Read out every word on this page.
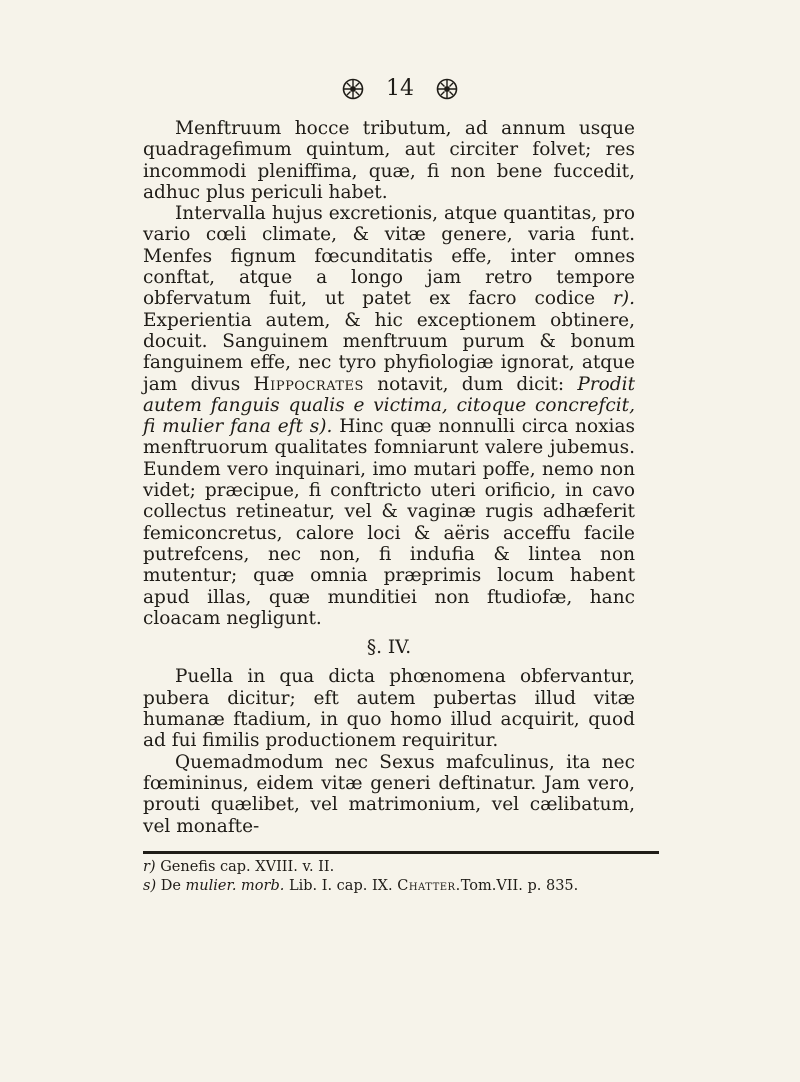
14

Menftruum hocce tributum, ad annum usque quadragefimum quintum, aut circiter folvet; res incommodi pleniffima, quæ, fi non bene fuccedit, adhuc plus periculi habet.

Intervalla hujus excretionis, atque quantitas, pro vario cœli climate, & vitæ genere, varia funt. Menfes fignum fœcunditatis effe, inter omnes conftat, atque a longo jam retro tempore obfervatum fuit, ut patet ex facro codice r). Experientia autem, & hic exceptionem obtinere, docuit. Sanguinem menftruum purum & bonum fanguinem effe, nec tyro phyfiologiæ ignorat, atque jam divus Hippocrates notavit, dum dicit: Prodit autem fanguis qualis e victima, citoque concrefcit, fi mulier fana eft s). Hinc quæ nonnulli circa noxias menftruorum qualitates fomniarunt valere jubemus. Eundem vero inquinari, imo mutari poffe, nemo non videt; præcipue, fi conftricto uteri orificio, in cavo collectus retineatur, vel & vaginæ rugis adhæferit femiconcretus, calore loci & aëris acceffu facile putrefcens, nec non, fi indufia & lintea non mutentur; quæ omnia præprimis locum habent apud illas, quæ munditiei non ftudiofæ, hanc cloacam negligunt.

§. IV.

Puella in qua dicta phœnomena obfervantur, pubera dicitur; eft autem pubertas illud vitæ humanæ ftadium, in quo homo illud acquirit, quod ad fui fimilis productionem requiritur.

Quemadmodum nec Sexus mafculinus, ita nec fœmininus, eidem vitæ generi deftinatur. Jam vero, prouti quælibet, vel matrimonium, vel cælibatum, vel monafte-

r) Genefis cap. XVIII. v. II.

s) De mulier. morb. Lib. I. cap. IX. Chatter.Tom.VII. p. 835.
